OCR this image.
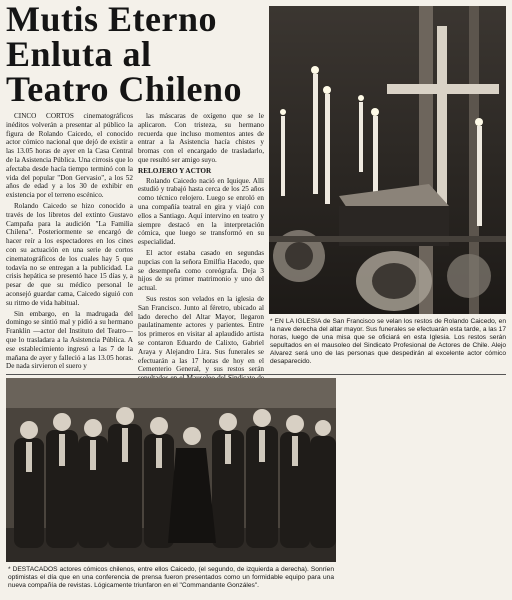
Mutis Eterno
Enluta al
Teatro Chileno

CINCO CORTOS cinematográficos inéditos volverán a presentar al público la figura de Rolando Caicedo, el conocido actor cómico nacional que dejó de existir a las 13.05 horas de ayer en la Casa Central de la Asistencia Pública. Una cirrosis que lo afectaba desde hacía tiempo terminó con la vida del popular "Don Gervasio", a los 52 años de edad y a los 30 de exhibir en existencia por el terreno escénico.

Rolando Caicedo se hizo conocido a través de los libretos del extinto Gustavo Campaña para la audición "La Familia Chilena". Posteriormente se encargó de hacer reír a los espectadores en los cines con su actuación en una serie de cortos cinematográficos de los cuales hay 5 que todavía no se entregan a la publicidad. La crisis hepática se presentó hace 15 días y, a pesar de que su médico personal le aconsejó guardar cama, Caicedo siguió con su ritmo de vida habitual.

Sin embargo, en la madrugada del domingo se sintió mal y pidió a su hermano Franklin —actor del Instituto del Teatro— que lo trasladara a la Asistencia Pública. A ese establecimiento ingresó a las 7 de la mañana de ayer y falleció a las 13.05 horas. De nada sirvieron el suero y

las máscaras de oxígeno que se le aplicaron. Con tristeza, su hermano recuerda que incluso momentos antes de entrar a la Asistencia hacía chistes y bromas con el encargado de trasladarlo, que resultó ser amigo suyo.

RELOJERO Y ACTOR

Rolando Caicedo nació en Iquique. Allí estudió y trabajó hasta cerca de los 25 años como técnico relojero. Luego se enroló en una compañía teatral en gira y viajó con ellos a Santiago. Aquí intervino en teatro y siempre destacó en la interpretación cómica, que luego se transformó en su especialidad.

El actor estaba casado en segundas nupcias con la señora Emilfia Hacedo, que se desempeña como coreógrafa. Deja 3 hijos de su primer matrimonio y uno del actual.

Sus restos son velados en la iglesia de San Francisco. Junto al féretro, ubicado al lado derecho del Altar Mayor, llegaron paulatinamente actores y parientes. Entre los primeros en visitar al aplaudido artista se contaron Eduardo de Calixto, Gabriel Araya y Alejandro Lira. Sus funerales se efectuarán a las 17 horas de hoy en el Cementerio General, y sus restos serán

* EN LA IGLESIA de San Francisco se velan los restos de Rolando Caicedo, en la nave derecha del altar mayor. Sus funerales se efectuarán esta tarde, a las 17 horas, luego de una misa que se oficiará en esta Iglesia. Los restos serán sepultados en el mausoleo del Sindicato Profesional de Actores de Chile. Alejo Alvarez será uno de las personas que despedirán al excelente actor cómico desaparecido.
* DESTACADOS actores cómicos chilenos, entre ellos Caicedo, (el segundo, de izquierda a derecha). Sonríen optimistas el día que en una conferencia de prensa fueron presentados como un formidable equipo para una nueva compañía de revistas. Lógicamente triunfaron en el "Commandante Gonzáles".
